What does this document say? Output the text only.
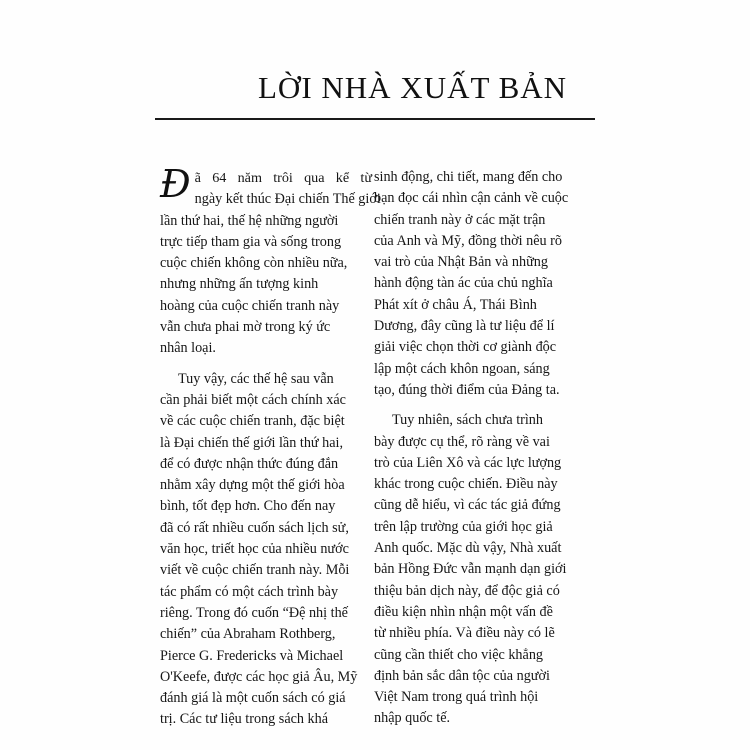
LỜI NHÀ XUẤT BẢN
Đ ã 64 năm trôi qua kể từ
ngày kết thúc Đại chiến Thế giới
lần thứ hai, thế hệ những người
trực tiếp tham gia và sống trong
cuộc chiến không còn nhiều nữa,
nhưng những ấn tượng kinh
hoàng của cuộc chiến tranh này
vẫn chưa phai mờ trong ký ức
nhân loại.
Tuy vậy, các thế hệ sau vẫn
cần phải biết một cách chính xác
về các cuộc chiến tranh, đặc biệt
là Đại chiến thế giới lần thứ hai,
để có được nhận thức đúng đắn
nhằm xây dựng một thế giới hòa
bình, tốt đẹp hơn. Cho đến nay
đã có rất nhiều cuốn sách lịch sử,
văn học, triết học của nhiều nước
viết về cuộc chiến tranh này. Mỗi
tác phẩm có một cách trình bày
riêng. Trong đó cuốn “Đệ nhị thế
chiến” của Abraham Rothberg,
Pierce G. Fredericks và Michael
O'Keefe, được các học giả Âu, Mỹ
đánh giá là một cuốn sách có giá
trị. Các tư liệu trong sách khá
sinh động, chi tiết, mang đến cho
bạn đọc cái nhìn cận cảnh về cuộc
chiến tranh này ở các mặt trận
của Anh và Mỹ, đồng thời nêu rõ
vai trò của Nhật Bản và những
hành động tàn ác của chủ nghĩa
Phát xít ở châu Á, Thái Bình
Dương, đây cũng là tư liệu để lí
giải việc chọn thời cơ giành độc
lập một cách khôn ngoan, sáng
tạo, đúng thời điểm của Đảng ta.
Tuy nhiên, sách chưa trình
bày được cụ thể, rõ ràng về vai
trò của Liên Xô và các lực lượng
khác trong cuộc chiến. Điều này
cũng dễ hiểu, vì các tác giả đứng
trên lập trường của giới học giả
Anh quốc. Mặc dù vậy, Nhà xuất
bản Hồng Đức vẫn mạnh dạn giới
thiệu bản dịch này, để độc giả có
điều kiện nhìn nhận một vấn đề
từ nhiều phía. Và điều này có lẽ
cũng cần thiết cho việc khẳng
định bản sắc dân tộc của người
Việt Nam trong quá trình hội
nhập quốc tế.
